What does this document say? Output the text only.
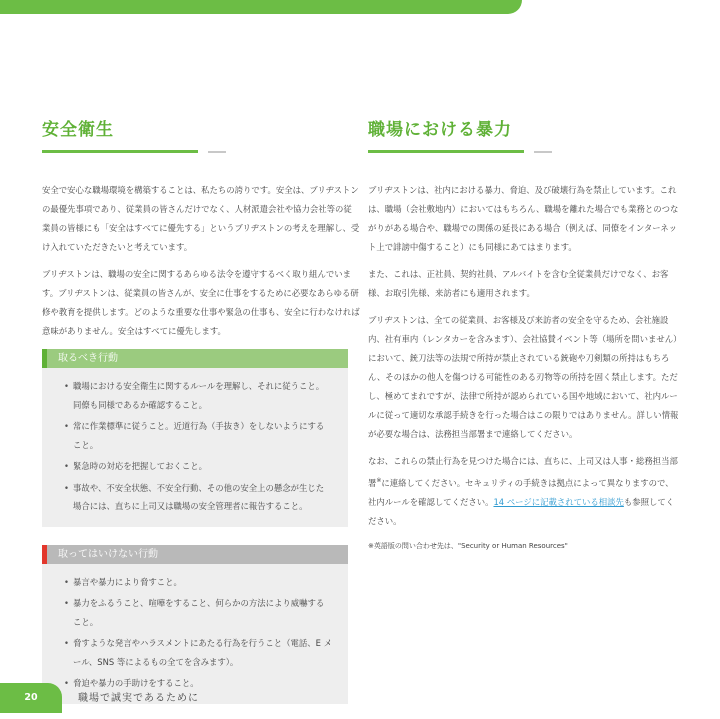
安全衛生

安全で安心な職場環境を構築することは、私たちの誇りです。安全は、ブリヂストンの最優先事項であり、従業員の皆さんだけでなく、人材派遣会社や協力会社等の従業員の皆様にも「安全はすべてに優先する」というブリヂストンの考えを理解し、受け入れていただきたいと考えています。

ブリヂストンは、職場の安全に関するあらゆる法令を遵守するべく取り組んでいます。ブリヂストンは、従業員の皆さんが、安全に仕事をするために必要なあらゆる研修や教育を提供します。どのような重要な仕事や緊急の仕事も、安全に行わなければ意味がありません。安全はすべてに優先します。

取るべき行動
• 職場における安全衛生に関するルールを理解し、それに従うこと。同僚も同様であるか確認すること。
• 常に作業標準に従うこと。近道行為（手抜き）をしないようにすること。
• 緊急時の対応を把握しておくこと。
• 事故や、不安全状態、不安全行動、その他の安全上の懸念が生じた場合には、直ちに上司又は職場の安全管理者に報告すること。
取ってはいけない行動
• 暴言や暴力により脅すこと。
• 暴力をふるうこと、喧嘩をすること、何らかの方法により威嚇すること。
• 脅すような発言やハラスメントにあたる行為を行うこと（電話、E メール、SNS 等によるもの全てを含みます）。
• 脅迫や暴力の手助けをすること。
職場における暴力

ブリヂストンは、社内における暴力、脅迫、及び破壊行為を禁止しています。これは、職場（会社敷地内）においてはもちろん、職場を離れた場合でも業務とのつながりがある場合や、職場での関係の延長にある場合（例えば、同僚をインターネット上で誹謗中傷すること）にも同様にあてはまります。

また、これは、正社員、契約社員、アルバイトを含む全従業員だけでなく、お客様、お取引先様、来訪者にも適用されます。

ブリヂストンは、全ての従業員、お客様及び来訪者の安全を守るため、会社施設内、社有車内（レンタカーを含みます）、会社協賛イベント等（場所を問いません）において、銃刀法等の法規で所持が禁止されている銃砲や刀剣類の所持はもちろん、そのほかの他人を傷つける可能性のある刃物等の所持を固く禁止します。ただし、極めてまれですが、法律で所持が認められている国や地域において、社内ルールに従って適切な承認手続きを行った場合はこの限りではありません。詳しい情報が必要な場合は、法務担当部署まで連絡してください。

なお、これらの禁止行為を見つけた場合には、直ちに、上司又は人事・総務担当部署※に連絡してください。セキュリティの手続きは拠点によって異なりますので、社内ルールを確認してください。14 ページに記載されている相談先も参照してください。

※英語版の問い合わせ先は、"Security or Human Resources"

20	職場で誠実であるために
